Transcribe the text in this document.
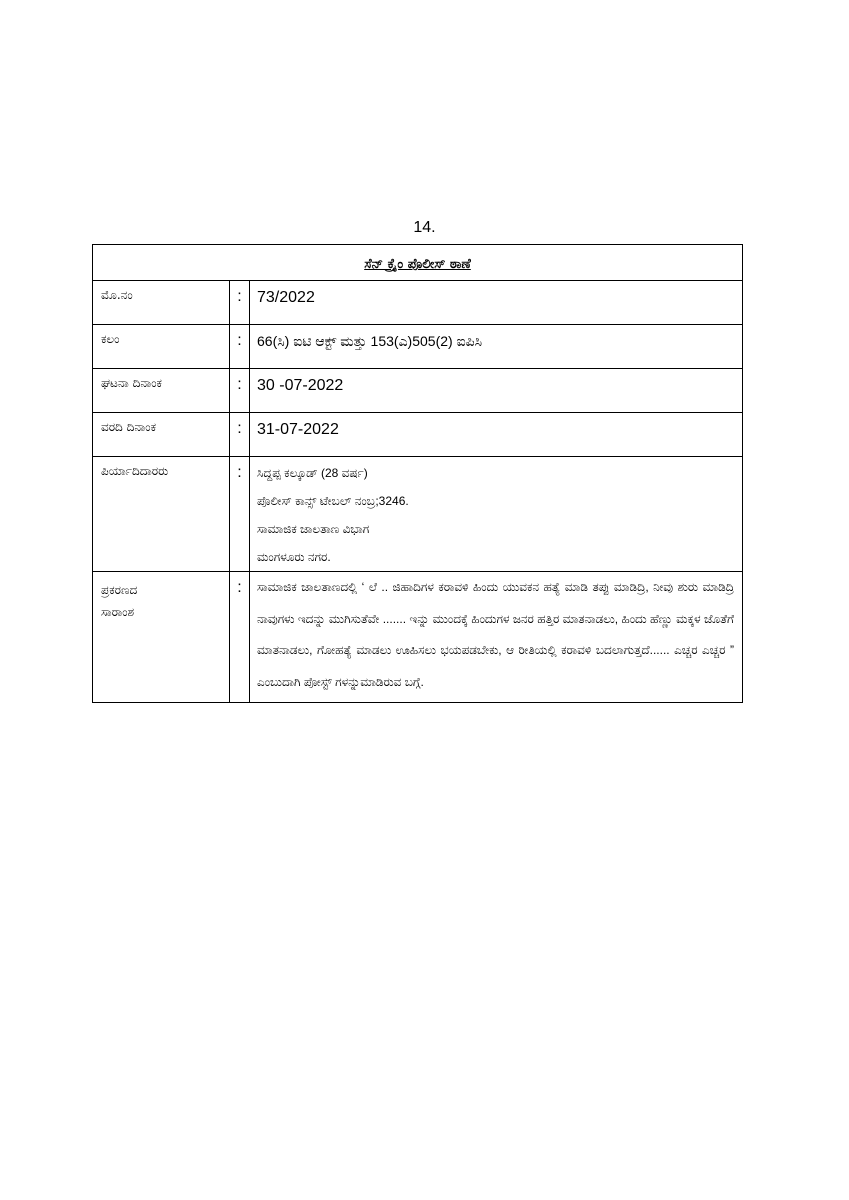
14.
ಸೆನ್ ಕ್ರೈಂ ಪೊಲೀಸ್ ಠಾಣೆ		
ಮೊ.ನಂ	:	73/2022
ಕಲಂ	:	66(ಸಿ) ಐಟಿ ಆಕ್ಟ್ ಮತ್ತು 153(ಎ)505(2) ಐಪಿಸಿ
ಘಟನಾ ದಿನಾಂಕ	:	30 -07-2022
ವರದಿ ದಿನಾಂಕ	:	31-07-2022
ಪಿರ್ಯಾದಿದಾರರು	:	ಸಿದ್ದಪ್ಪ ಕಲ್ಕೂಡ್ (28 ವರ್ಷ)
ಪೊಲೀಸ್ ಕಾನ್ಸ್ ಟೇಬಲ್ ನಂಬ್ರ;3246.
ಸಾಮಾಜಿಕ ಜಾಲತಾಣ ವಿಭಾಗ
ಮಂಗಳೂರು ನಗರ.

ಪ್ರಕರಣದ
ಸಾರಾಂಶ	:	ಸಾಮಾಜಿಕ ಜಾಲತಾಣದಲ್ಲಿ ‘ ಲೆ .. ಜಿಹಾದಿಗಳ ಕರಾವಳಿ ಹಿಂದು ಯುವಕನ ಹತ್ಯೆ ಮಾಡಿ ತಪ್ಪು ಮಾಡಿದ್ರಿ, ನೀವು ಶುರು ಮಾಡಿದ್ರಿ ನಾವುಗಳು ಇದನ್ನು ಮುಗಿಸುತೆವೇ ....... ಇನ್ನು ಮುಂದಕ್ಕೆ ಹಿಂದುಗಳ ಜನರ ಹತ್ತಿರ ಮಾತನಾಡಲು, ಹಿಂದು ಹೆಣ್ಣು ಮಕ್ಕಳ ಜೊತೆಗೆ ಮಾತನಾಡಲು, ಗೋಹತ್ಯೆ ಮಾಡಲು ಊಹಿಸಲು ಭಯಪಡಬೇಕು, ಆ ರೀತಿಯಲ್ಲಿ ಕರಾವಳಿ ಬದಲಾಗುತ್ತದೆ...... ಎಚ್ಚರ ಎಚ್ಚರ ” ಎಂಬುದಾಗಿ ಪೋಸ್ಟ್ ಗಳನ್ನುಮಾಡಿರುವ ಬಗ್ಗೆ.
